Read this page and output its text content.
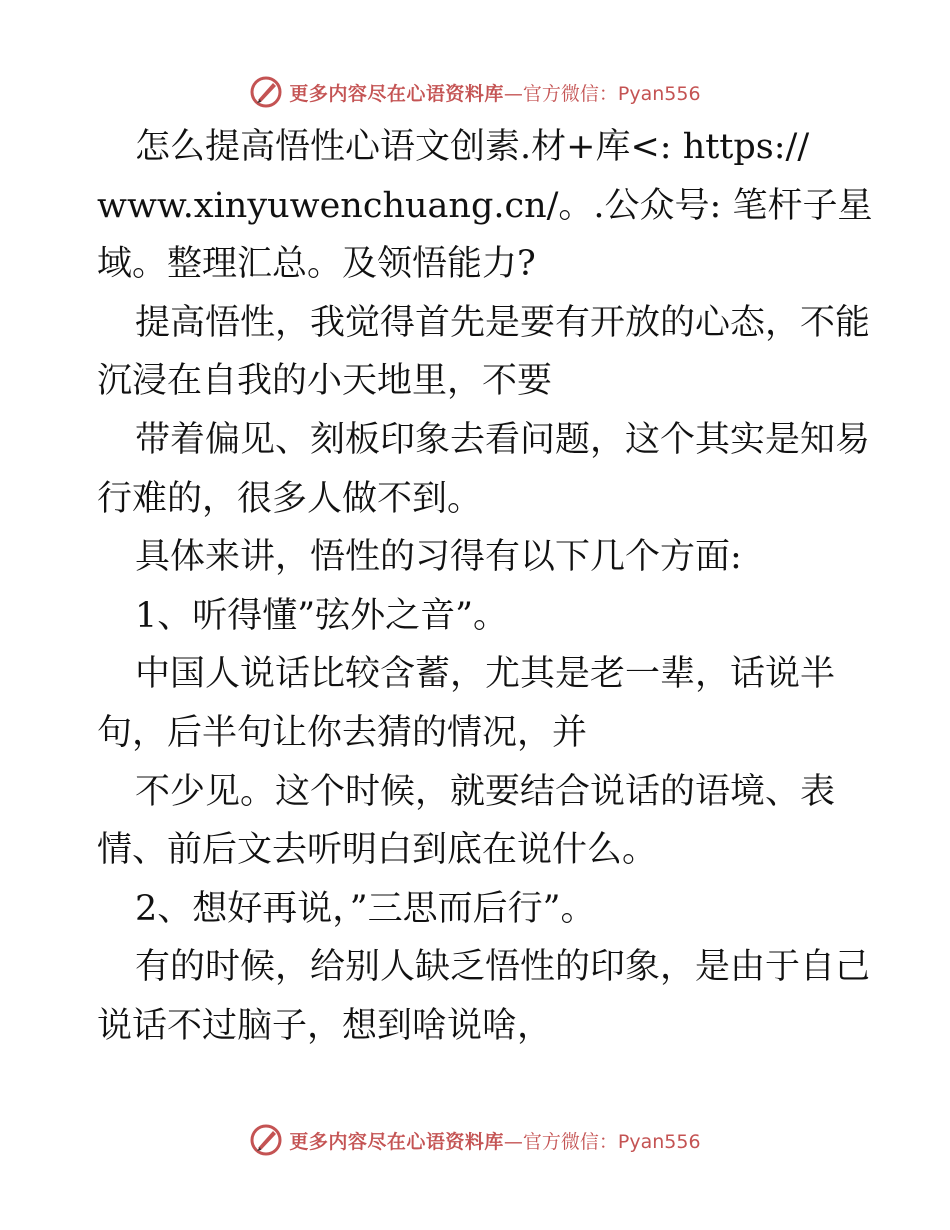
更多内容尽在心语资料库 —官方微信：Pyan556
怎么提高悟性心语文创素.材+库<: https://
www.xinyuwenchuang.cn/。.公众号: 笔杆子星
域。整理汇总。及领悟能力?
提高悟性，我觉得首先是要有开放的心态，不能
沉浸在自我的小天地里，不要
带着偏见、刻板印象去看问题，这个其实是知易
行难的，很多人做不到。
具体来讲，悟性的习得有以下几个方面:
1、听得懂”弦外之音”。
中国人说话比较含蓄，尤其是老一辈，话说半
句，后半句让你去猜的情况，并
不少见。这个时候，就要结合说话的语境、表
情、前后文去听明白到底在说什么。
2、想好再说，”三思而后行”。
有的时候，给别人缺乏悟性的印象，是由于自己
说话不过脑子，想到啥说啥，
更多内容尽在心语资料库 —官方微信：Pyan556
